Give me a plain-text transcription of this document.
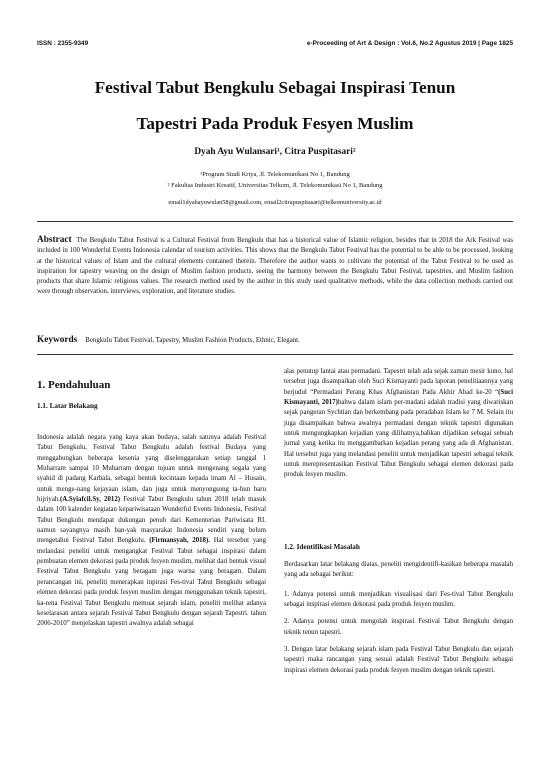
ISSN : 2355-9349	e-Proceeding of Art & Design : Vol.6, No.2 Agustus 2019 | Page 1825
Festival Tabut Bengkulu Sebagai Inspirasi Tenun
Tapestri Pada Produk Fesyen Muslim
Dyah Ayu Wulansari¹, Citra Puspitasari²
¹Program Studi Kriya, Jl. Telekomunikasi No 1, Bandung
² Fakultas Industri Kreatif, Universitas Telkom, Jl. Telekomunikasi No 1, Bandung
email1dyahayuwulan58@gmail.com, email2citrapuspitasari@telkomuniversity.ac.id
Abstract The Bengkulu Tabut Festival is a Cultural Festival from Bengkulu that has a historical value of Islamic religion, besides that in 2018 the Ark Festival was included in 100 Wonderful Events Indonesia calendar of tourism activities. This shows that the Bengkulu Tabut Festival has the potential to be able to be processed, looking at the historical values of Islam and the cultural elements contained therein. Therefore the author wants to cultivate the potential of the Tabut Festival to be used as inspiration for tapestry weaving on the design of Muslim fashion products, seeing the harmony between the Bengkulu Tabut Festival, tapestries, and Muslim fashion products that share Islamic religious values. The research method used by the author in this study used qualitative methods, while the data collection methods carried out were through observation, interviews, exploration, and literature studies.
Keywords Bengkulu Tabut Festival, Tapestry, Muslim Fashion Products, Ethnic, Elegant.
1. Pendahuluan
1.1. Latar Belakang

Indonesia adalah negara yang kaya akan budaya, salah satunya adalah Festival Tabut Bengkulu, Festival Tabut Bengkulu adalah festival Budaya yang menggabungkan beberapa kesenia yang diselenggarakan setiap tanggal 1 Muharram sampai 10 Muharram dengan tujuan untuk mengenang segala yang syahid di padang Karbala, sebagai bentuk kecintaan kepada imam Al – Husain, untuk menge-nang kejayaan islam, dan juga untuk menyongsong ta-hun baru hijriyah.(A.Syiafcil.Sy, 2012) Festival Tabut Bengkulu tahun 2018 telah masuk dalam 100 kalender kegiatan kepariwisataan Wonderful Events Indonesia, Festival Tabut Bengkulu mendapat dukungan penuh dari Kementerian Pariwisata RI. namun sayangnya masih ban-yak masyarakat Indonesia sendiri yang belum mengetahui Festival Tabut Bengkulu. (Firmansyah, 2018). Hal tersebut yang melandasi peneliti untuk mengangkat Festival Tabut sebagai inspirasi dalam pembuatan elemen dekorasi pada produk fesyen muslim, melihat dari bentuk visual Festival Tabut Bengkulu yang beragam juga warna yang beragam. Dalam perancangan ini, peneliti menerapkan inpirasi Fes-tival Tabut Bengkulu sebagai elemen dekorasi pada produk fesyen muslim dengan menggunakan teknik tapestri, ka-rena Festival Tabut Bengkulu memuat sejarah islam, peneliti melihat adanya keselarasan antara sejarah Festival Tabut Bengkulu dengan sejarah Tapestri. tahun 2006-2010” menjelaskan tapestri awalnya adalah sebagai

alas penutup lantai atau permadani. Tapestri telah ada sejak zaman mesir kuno, hal tersebut juga disampaikan oleh Suci Kismayanti pada laporan penelitiaannya yang berjudul “Permadani Perang Khas Afghanistan Pada Akhir Abad ke-20 “(Suci Kismayanti, 2017)bahwa dalam islam per-madani adalah tradisi yang diwariskan sejak pangeran Sychtian dan berkembang pada peradaban Islam ke 7 M. Selain itu juga disampaikan bahwa awalnya permadani dengan teknik tapestri digunakan untuk mengungkapkan kejadian yang dilihatnya,bahkan dijadikan sebagai sebuah jurnal yang ketika itu menggambarkan kejadian perang yang ada di Afghanistan. Hal tersebut juga yang melandasi peneliti untuk menjadikan tapestri sebagai teknik untuk merepresentasikan Festival Tabut Bengkulu sebagai elemen dekorasi pada produk fesyen muslim.

1.2. Identifikasi Masalah

Berdasarkan latar belakang diatas, peneliti mengidentifi-kasikan beberapa masalah yang ada sebagai berikut:

1. Adanya potensi untuk menjadikan visualisasi dari Fes-tival Tabut Bengkulu sebagai inspirasi elemen dekorasi pada produk fesyen muslim.

2. Adanya potensi untuk mengolah inspirasi Festival Tabut Bengkulu dengan teknik tenun tapestri.

3. Dengan latar belakang sejarah islam pada Festival Tabut Bengkulu dan sejarah tapestri maka rancangan yang sesuai adalah Festival Tabut Bengkulu sebagai inspirasi elemen dekorasi pada produk fesyen muslim dengan teknik tapestri.
